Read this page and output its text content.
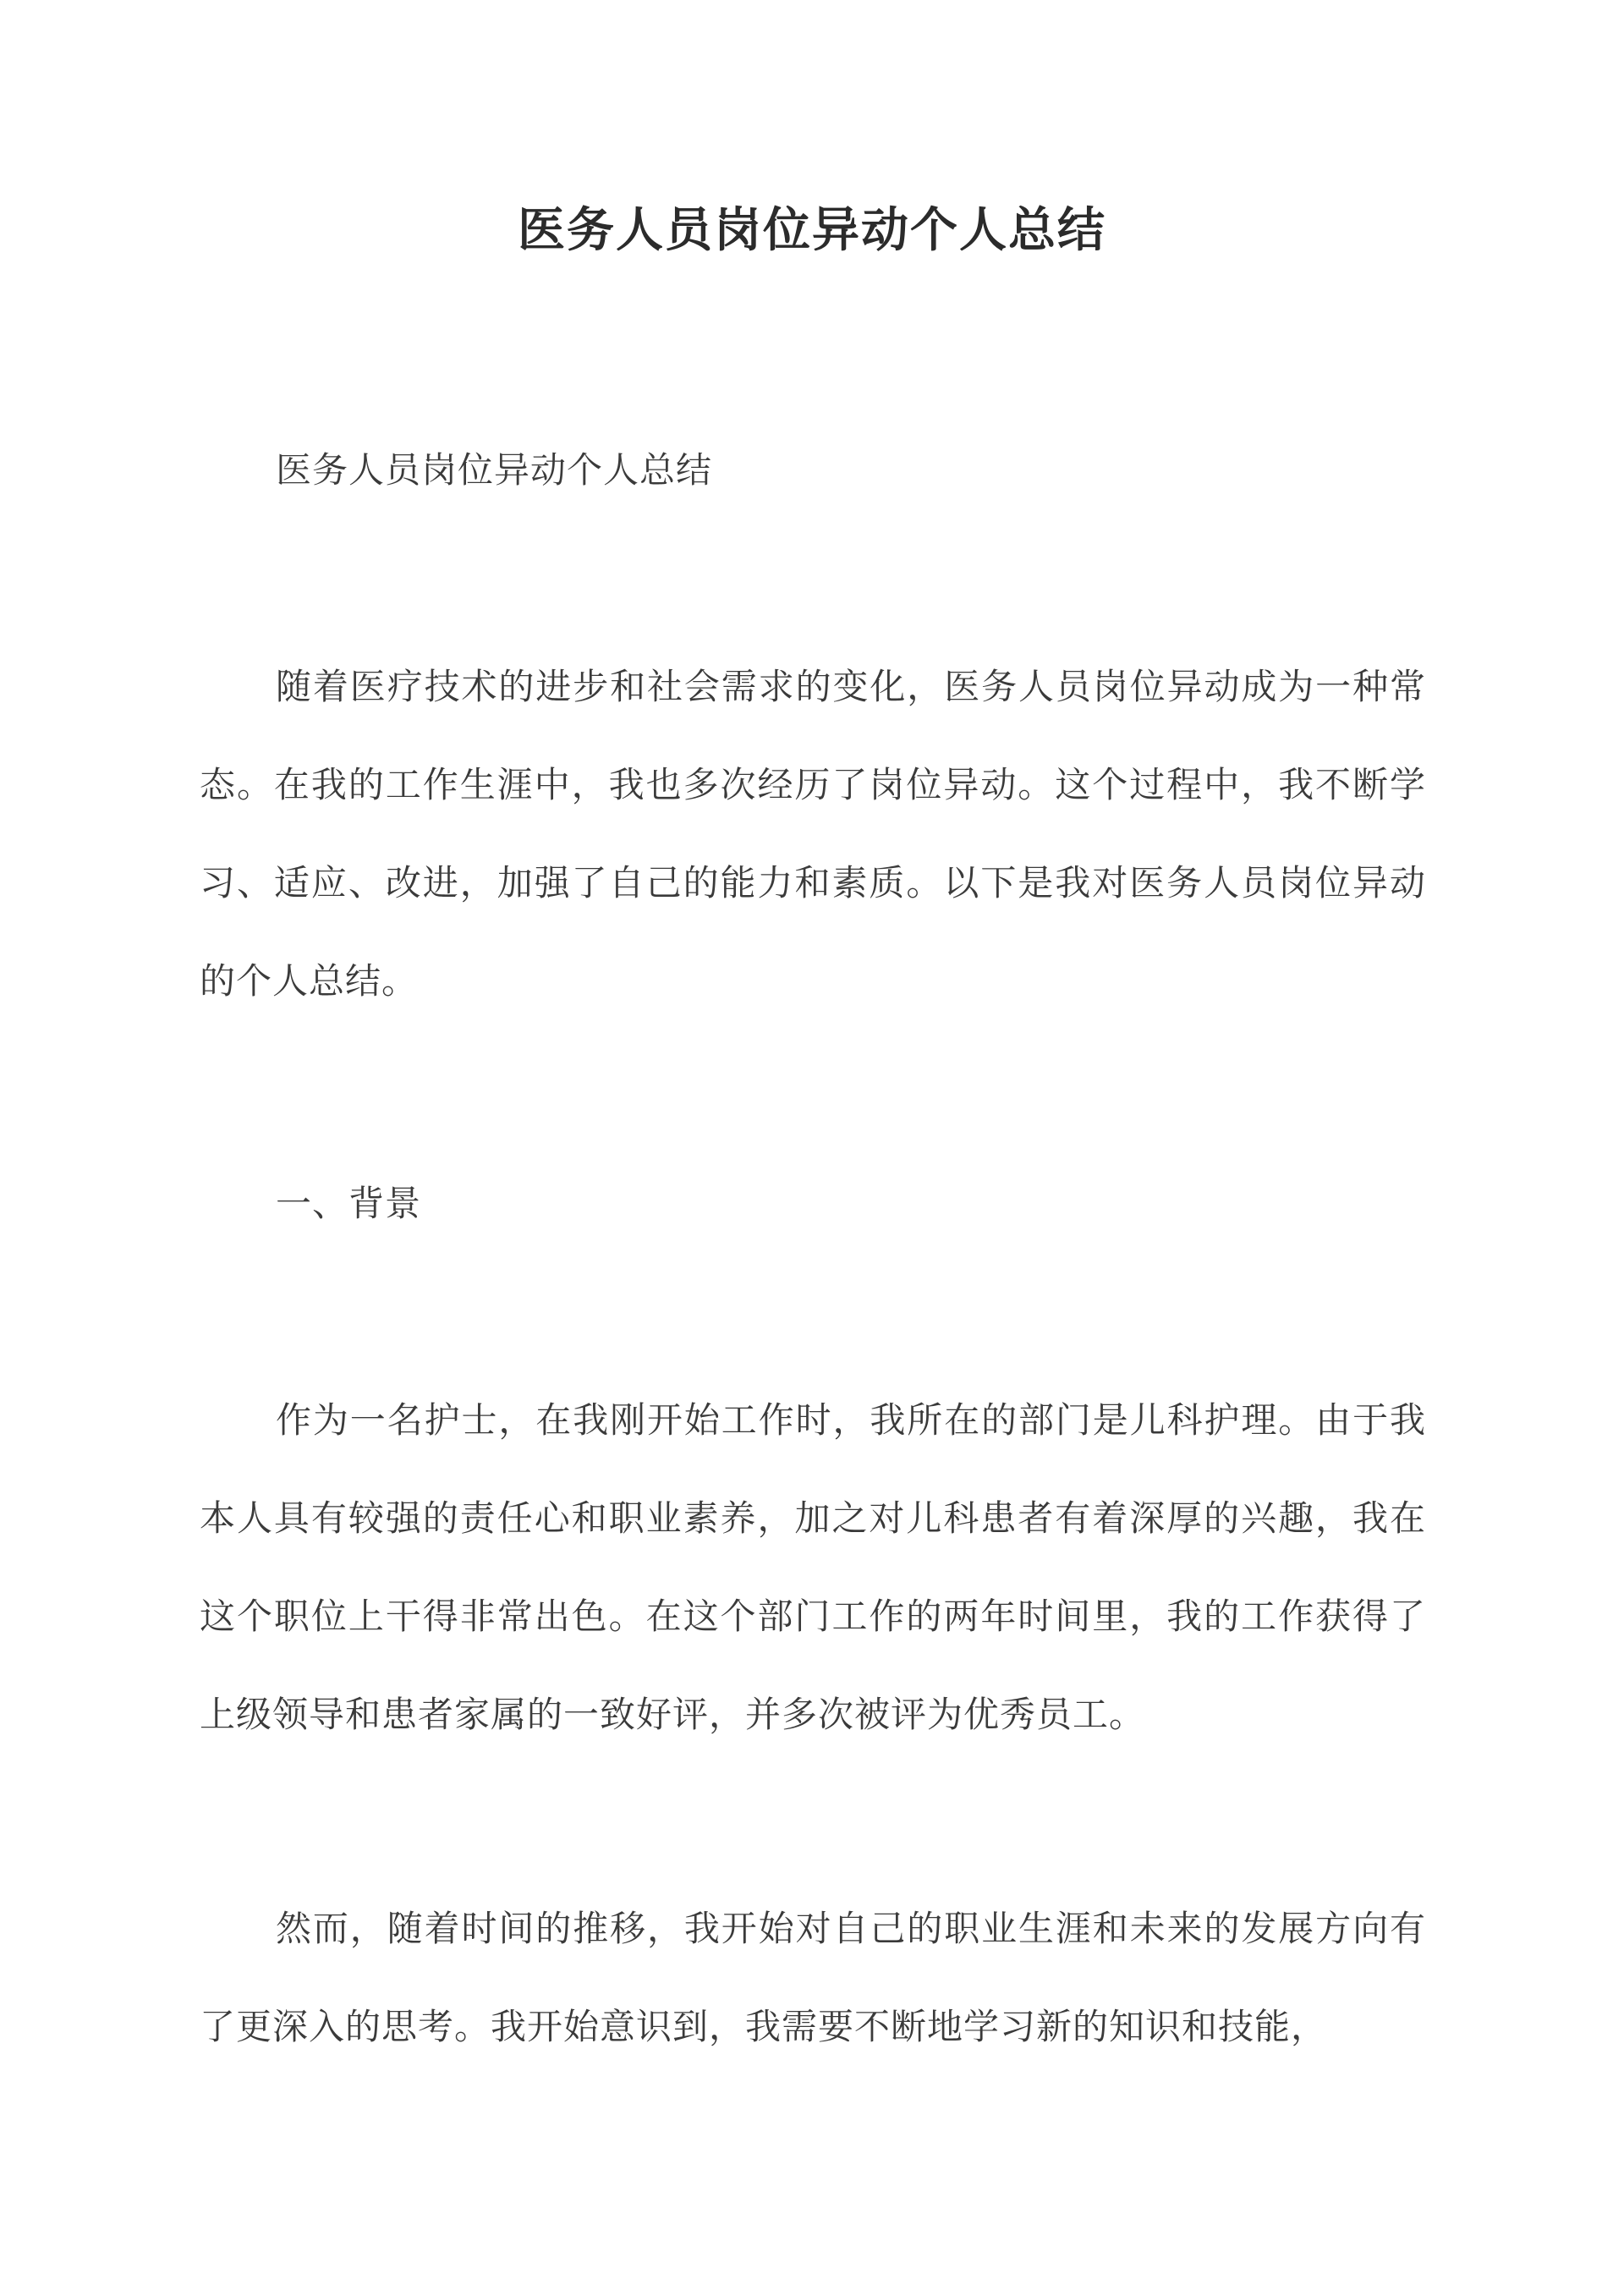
医务人员岗位异动个人总结

医务人员岗位异动个人总结

随着医疗技术的进步和社会需求的变化，医务人员岗位异动成为一种常态。在我的工作生涯中，我也多次经历了岗位异动。这个过程中，我不断学习、适应、改进，加强了自己的能力和素质。以下是我对医务人员岗位异动的个人总结。

一、背景

作为一名护士，在我刚开始工作时，我所在的部门是儿科护理。由于我本人具有较强的责任心和职业素养，加之对儿科患者有着深厚的兴趣，我在这个职位上干得非常出色。在这个部门工作的两年时间里，我的工作获得了上级领导和患者家属的一致好评，并多次被评为优秀员工。

然而，随着时间的推移，我开始对自己的职业生涯和未来的发展方向有了更深入的思考。我开始意识到，我需要不断地学习新的知识和技能，
